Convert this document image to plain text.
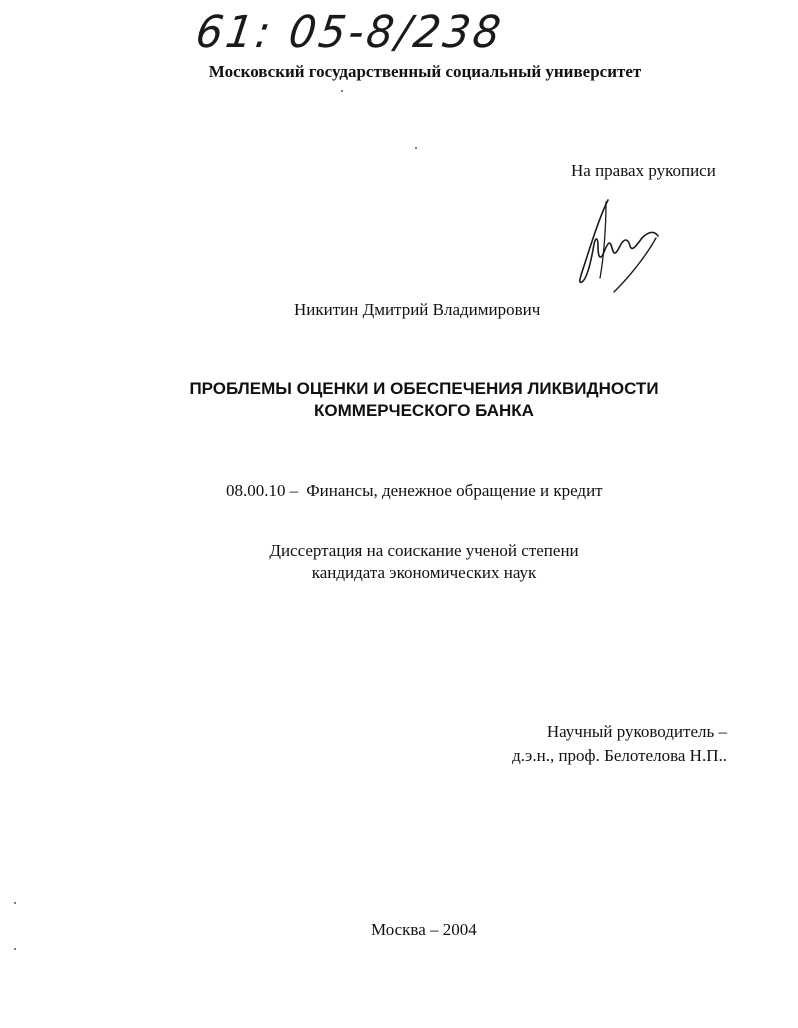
61: 05-8/238
Московский государственный социальный университет
На правах рукописи
Никитин Дмитрий Владимирович
ПРОБЛЕМЫ ОЦЕНКИ И ОБЕСПЕЧЕНИЯ ЛИКВИДНОСТИ
КОММЕРЧЕСКОГО БАНКА
08.00.10 – Финансы, денежное обращение и кредит
Диссертация на соискание ученой степени
кандидата экономических наук
Научный руководитель –
д.э.н., проф. Белотелова Н.П..
Москва – 2004
